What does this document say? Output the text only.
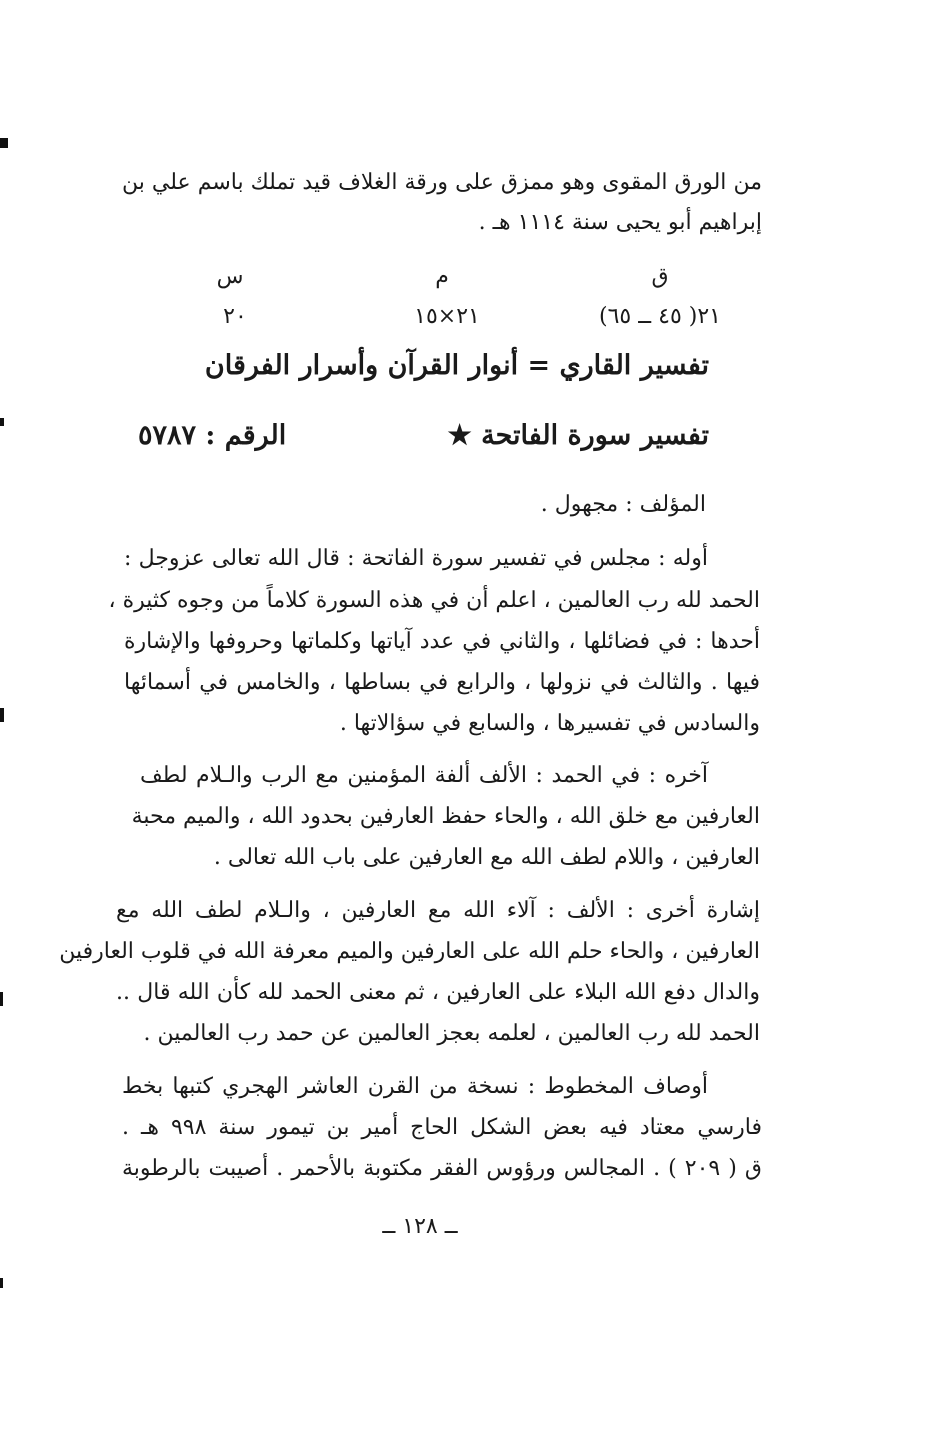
من الورق المقوى وهو ممزق على ورقة الغلاف قيد تملك باسم علي بن
إبراهيم أبو يحيى سنة ١١١٤ هـ .
ق
م
س
٢١( ٤٥ ــ ٦٥)
٢١×١٥
٢٠
تفسير القاري = أنوار القرآن وأسرار الفرقان
تفسير سورة الفاتحة ★
الرقم : ٥٧٨٧
المؤلف : مجهول .
أوله : مجلس في تفسير سورة الفاتحة : قال الله تعالى عزوجل :
الحمد لله رب العالمين ، اعلم أن في هذه السورة كلاماً من وجوه كثيرة ،
أحدها : في فضائلها ، والثاني في عدد آياتها وكلماتها وحروفها والإشارة
فيها . والثالث في نزولها ، والرابع في بساطها ، والخامس في أسمائها
والسادس في تفسيرها ، والسابع في سؤالاتها .
آخره : في الحمد : الألف ألفة المؤمنين مع الرب والـلام لطف
العارفين مع خلق الله ، والحاء حفظ العارفين بحدود الله ، والميم محبة
العارفين ، واللام لطف الله مع العارفين على باب الله تعالى .
إشارة أخرى : الألف : آلاء الله مع العارفين ، والـلام لطف الله مع
العارفين ، والحاء حلم الله على العارفين والميم معرفة الله في قلوب العارفين
والدال دفع الله البلاء على العارفين ، ثم معنى الحمد لله كأن الله قال ..
الحمد لله رب العالمين ، لعلمه بعجز العالمين عن حمد رب العالمين .
أوصاف المخطوط : نسخة من القرن العاشر الهجري كتبها بخط
فارسي معتاد فيه بعض الشكل الحاج أمير بن تيمور سنة ٩٩٨ هـ .
ق ( ٢٠٩ ) . المجالس ورؤوس الفقر مكتوبة بالأحمر . أصيبت بالرطوبة
ــ ١٢٨ ــ
